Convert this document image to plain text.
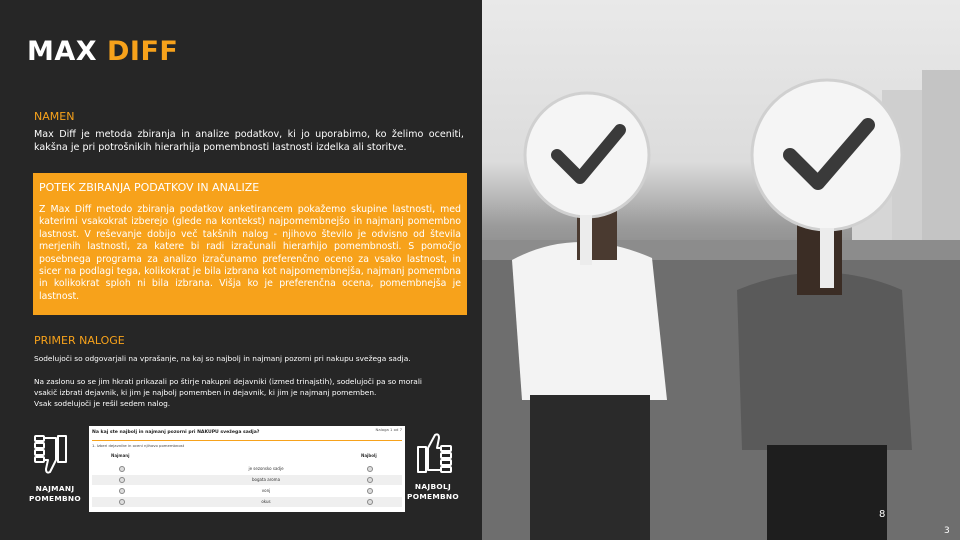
MAX DIFF
NAMEN
Max Diff je metoda zbiranja in analize podatkov, ki jo uporabimo, ko želimo oceniti, kakšna je pri potrošnikih hierarhija pomembnosti lastnosti izdelka ali storitve.
POTEK ZBIRANJA PODATKOV IN ANALIZE
Z Max Diff metodo zbiranja podatkov anketirancem pokažemo skupine lastnosti, med katerimi vsakokrat izberejo (glede na kontekst) najpomembnejšo in najmanj pomembno lastnost. V reševanje dobijo več takšnih nalog - njihovo število je odvisno od števila merjenih lastnosti, za katere bi radi izračunali hierarhijo pomembnosti. S pomočjo posebnega programa za analizo izračunamo preferenčno oceno za vsako lastnost, in sicer na podlagi tega, kolikokrat je bila izbrana kot najpomembnejša, najmanj pomembna in kolikokrat sploh ni bila izbrana. Višja ko je preferenčna ocena, pomembnejša je lastnost.
PRIMER NALOGE
Sodelujoči so odgovarjali na vprašanje, na kaj so najbolj in najmanj pozorni pri nakupu svežega sadja.
Na zaslonu so se jim hkrati prikazali po štirje nakupni dejavniki (izmed trinajstih), sodelujoči pa so morali
vsakič izbrati dejavnik, ki jim je najbolj pomemben in dejavnik, ki jim je najmanj pomemben.
Vsak sodelujoči je rešil sedem nalog.
NAJMANJ POMEMBNO
NAJBOLJ POMEMBNO
Na kaj ste najbolj in najmanj pozorni pri NAKUPU svežega sadja?
Naloga 1 od 7
1. Izberi dejavnike in oceni njihovo pomembnost
Najmanj	Najbolj
je sezonsko sadje
bogata aroma
vonj
okus
8
3
